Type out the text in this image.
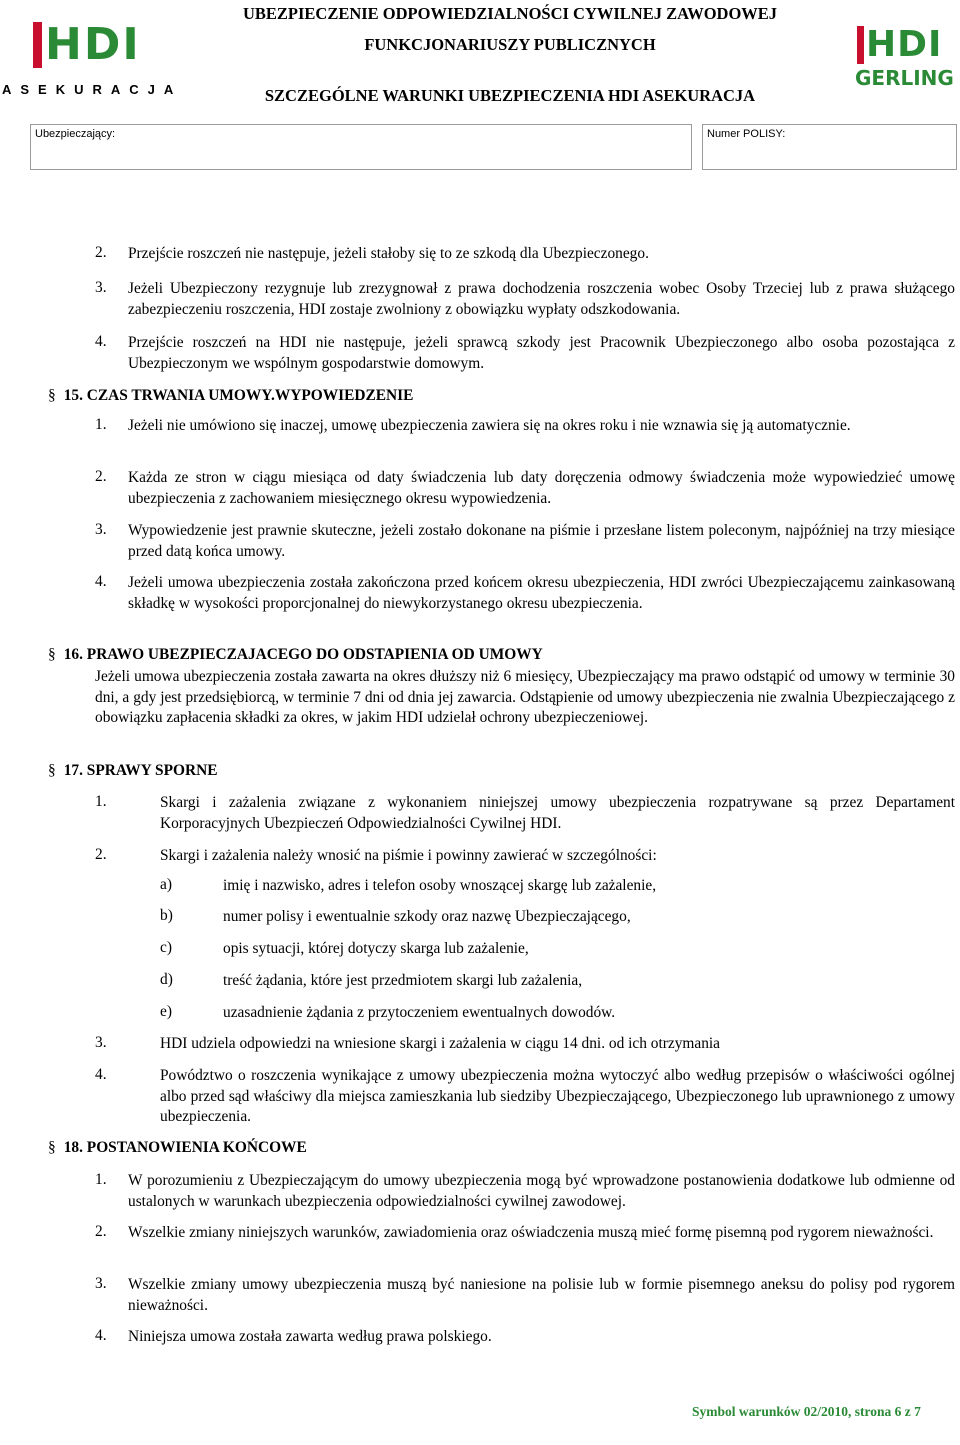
HDI
ASEKURACJA
UBEZPIECZENIE ODPOWIEDZIALNOŚCI CYWILNEJ ZAWODOWEJ
FUNKCJONARIUSZY PUBLICZNYCH
SZCZEGÓLNE WARUNKI UBEZPIECZENIA HDI ASEKURACJA
HDI
GERLING
Ubezpieczający:	Numer POLISY:
2. Przejście roszczeń nie następuje, jeżeli stałoby się to ze szkodą dla Ubezpieczonego.
3. Jeżeli Ubezpieczony rezygnuje lub zrezygnował z prawa dochodzenia roszczenia wobec Osoby Trzeciej lub z prawa służącego zabezpieczeniu roszczenia, HDI zostaje zwolniony z obowiązku wypłaty odszkodowania.
4. Przejście roszczeń na HDI nie następuje, jeżeli sprawcą szkody jest Pracownik Ubezpieczonego albo osoba pozostająca z Ubezpieczonym we wspólnym gospodarstwie domowym.
§ 15. CZAS TRWANIA UMOWY.WYPOWIEDZENIE
1. Jeżeli nie umówiono się inaczej, umowę ubezpieczenia zawiera się na okres roku i nie wznawia się ją automatycznie.
2. Każda ze stron w ciągu miesiąca od daty świadczenia lub daty doręczenia odmowy świadczenia może wypowiedzieć umowę ubezpieczenia z zachowaniem miesięcznego okresu wypowiedzenia.
3. Wypowiedzenie jest prawnie skuteczne, jeżeli zostało dokonane na piśmie i przesłane listem poleconym, najpóźniej na trzy miesiące przed datą końca umowy.
4. Jeżeli umowa ubezpieczenia została zakończona przed końcem okresu ubezpieczenia, HDI zwróci Ubezpieczającemu zainkasowaną składkę w wysokości proporcjonalnej do niewykorzystanego okresu ubezpieczenia.
§ 16. PRAWO UBEZPIECZAJACEGO DO ODSTAPIENIA OD UMOWY
Jeżeli umowa ubezpieczenia została zawarta na okres dłuższy niż 6 miesięcy, Ubezpieczający ma prawo odstąpić od umowy w terminie 30 dni, a gdy jest przedsiębiorcą, w terminie 7 dni od dnia jej zawarcia. Odstąpienie od umowy ubezpieczenia nie zwalnia Ubezpieczającego z obowiązku zapłacenia składki za okres, w jakim HDI udzielał ochrony ubezpieczeniowej.
§ 17. SPRAWY SPORNE
1.	Skargi i zażalenia związane z wykonaniem niniejszej umowy ubezpieczenia rozpatrywane są przez Departament Korporacyjnych Ubezpieczeń Odpowiedzialności Cywilnej HDI.
2.	Skargi i zażalenia należy wnosić na piśmie i powinny zawierać w szczególności:
a)	imię i nazwisko, adres i telefon osoby wnoszącej skargę lub zażalenie,
b)	numer polisy i ewentualnie szkody oraz nazwę Ubezpieczającego,
c)	opis sytuacji, której dotyczy skarga lub zażalenie,
d)	treść żądania, które jest przedmiotem skargi lub zażalenia,
e)	uzasadnienie żądania z przytoczeniem ewentualnych dowodów.
3.	HDI udziela odpowiedzi na wniesione skargi i zażalenia w ciągu 14 dni. od ich otrzymania
4.	Powództwo o roszczenia wynikające z umowy ubezpieczenia można wytoczyć albo według przepisów o właściwości ogólnej albo przed sąd właściwy dla miejsca zamieszkania lub siedziby Ubezpieczającego, Ubezpieczonego lub uprawnionego z umowy ubezpieczenia.
§ 18. POSTANOWIENIA KOŃCOWE
1. W porozumieniu z Ubezpieczającym do umowy ubezpieczenia mogą być wprowadzone postanowienia dodatkowe lub odmienne od ustalonych w warunkach ubezpieczenia odpowiedzialności cywilnej zawodowej.
2. Wszelkie zmiany niniejszych warunków, zawiadomienia oraz oświadczenia muszą mieć formę pisemną pod rygorem nieważności.
3. Wszelkie zmiany umowy ubezpieczenia muszą być naniesione na polisie lub w formie pisemnego aneksu do polisy pod rygorem nieważności.
4. Niniejsza umowa została zawarta według prawa polskiego.
Symbol warunków 02/2010, strona 6 z 7
